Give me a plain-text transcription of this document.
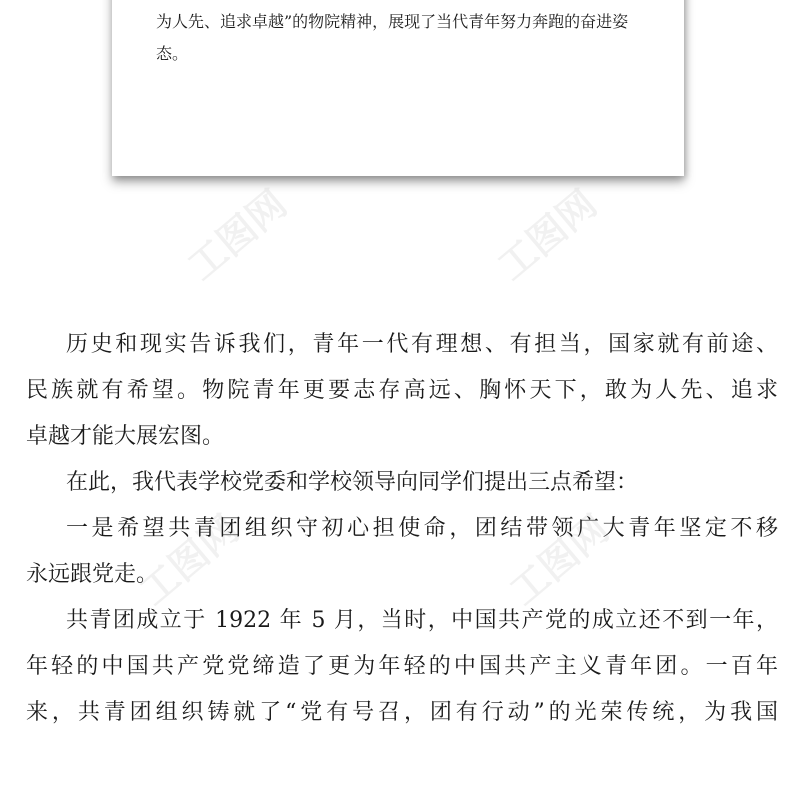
为人先、追求卓越”的物院精神，展现了当代青年努力奔跑的奋进姿
态。
工图网	工图网
工图网	工图网
历史和现实告诉我们，青年一代有理想、有担当，国家就有前途、
民族就有希望。物院青年更要志存高远、胸怀天下，敢为人先、追求
卓越才能大展宏图。
在此，我代表学校党委和学校领导向同学们提出三点希望：
一是希望共青团组织守初心担使命，团结带领广大青年坚定不移
永远跟党走。
共青团成立于 1922 年 5 月，当时，中国共产党的成立还不到一年，
年轻的中国共产党党缔造了更为年轻的中国共产主义青年团。一百年
来，共青团组织铸就了“党有号召，团有行动”的光荣传统，为我国
